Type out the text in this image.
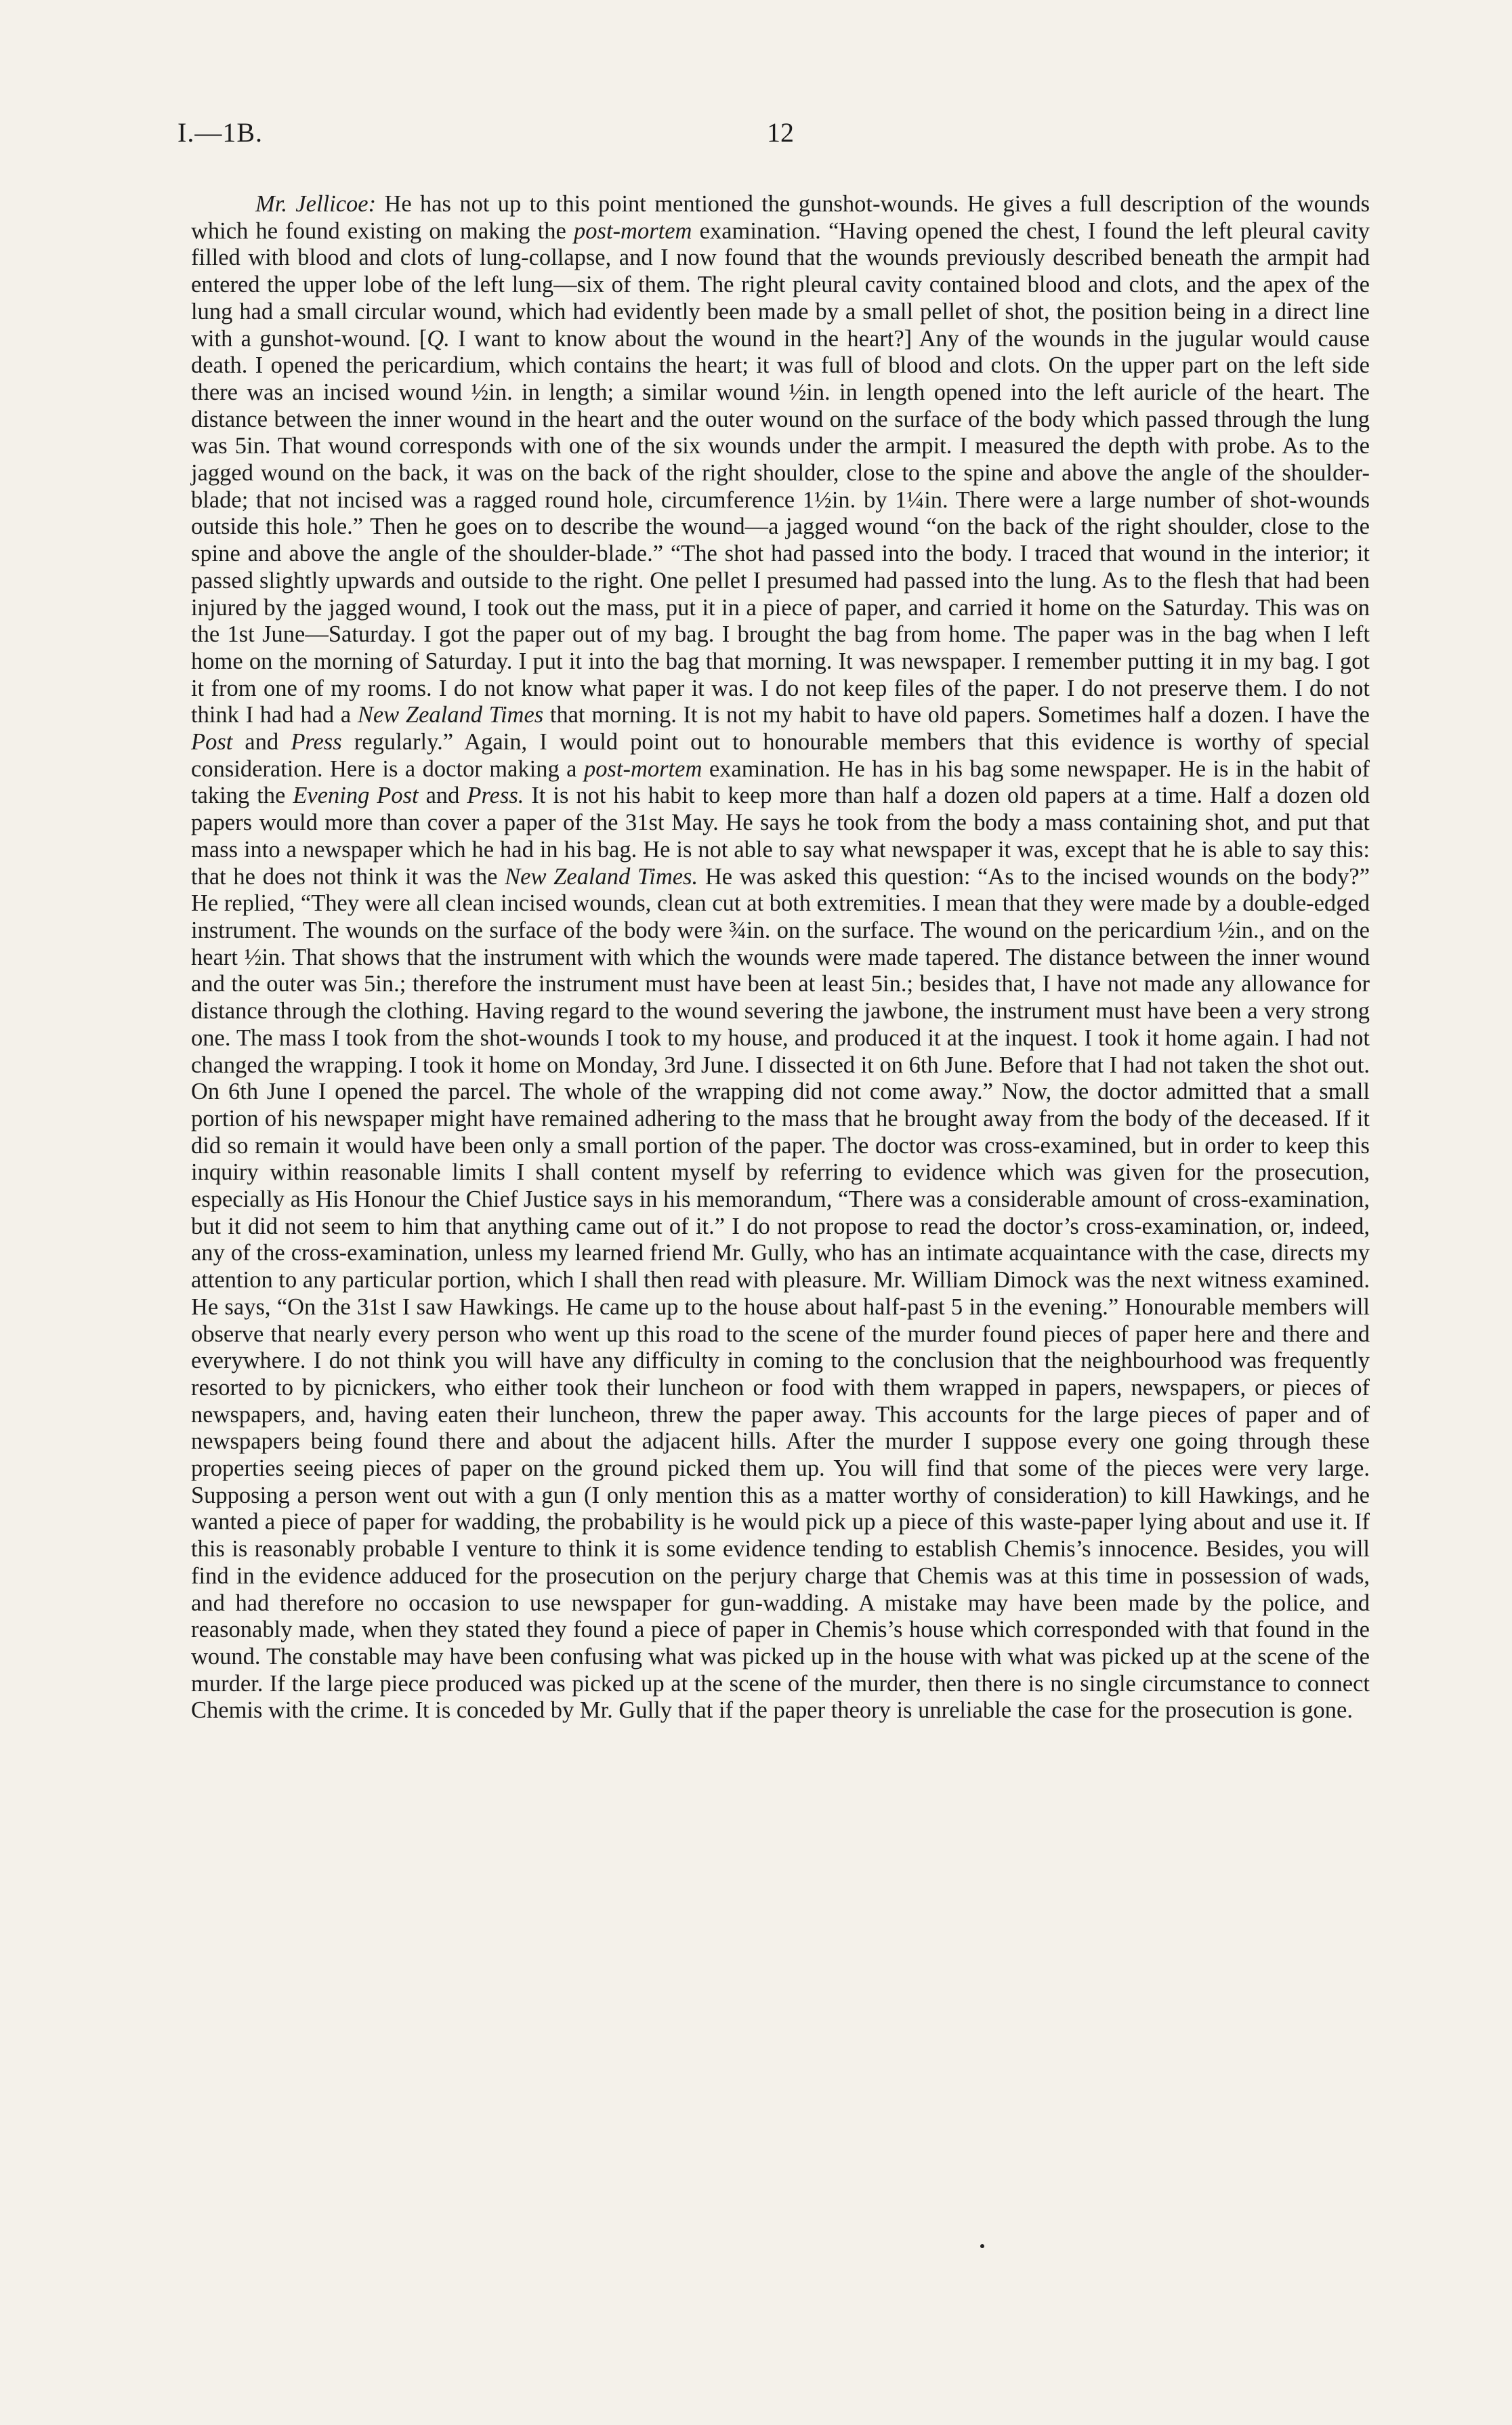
I.—1B.	12

Mr. Jellicoe: He has not up to this point mentioned the gunshot-wounds. He gives a full description of the wounds which he found existing on making the post-mortem examination. “Having opened the chest, I found the left pleural cavity filled with blood and clots of lung-collapse, and I now found that the wounds previously described beneath the armpit had entered the upper lobe of the left lung—six of them. The right pleural cavity contained blood and clots, and the apex of the lung had a small circular wound, which had evidently been made by a small pellet of shot, the position being in a direct line with a gunshot-wound. [Q. I want to know about the wound in the heart?] Any of the wounds in the jugular would cause death. I opened the pericardium, which contains the heart; it was full of blood and clots. On the upper part on the left side there was an incised wound ½in. in length; a similar wound ½in. in length opened into the left auricle of the heart. The distance between the inner wound in the heart and the outer wound on the surface of the body which passed through the lung was 5in. That wound corresponds with one of the six wounds under the armpit. I measured the depth with probe. As to the jagged wound on the back, it was on the back of the right shoulder, close to the spine and above the angle of the shoulder-blade; that not incised was a ragged round hole, circumference 1½in. by 1¼in. There were a large number of shot-wounds outside this hole.” Then he goes on to describe the wound—a jagged wound “on the back of the right shoulder, close to the spine and above the angle of the shoulder-blade.” “The shot had passed into the body. I traced that wound in the interior; it passed slightly upwards and outside to the right. One pellet I presumed had passed into the lung. As to the flesh that had been injured by the jagged wound, I took out the mass, put it in a piece of paper, and carried it home on the Saturday. This was on the 1st June—Saturday. I got the paper out of my bag. I brought the bag from home. The paper was in the bag when I left home on the morning of Saturday. I put it into the bag that morning. It was newspaper. I remember putting it in my bag. I got it from one of my rooms. I do not know what paper it was. I do not keep files of the paper. I do not preserve them. I do not think I had had a New Zealand Times that morning. It is not my habit to have old papers. Sometimes half a dozen. I have the Post and Press regularly.” Again, I would point out to honourable members that this evidence is worthy of special consideration. Here is a doctor making a post-mortem examination. He has in his bag some newspaper. He is in the habit of taking the Evening Post and Press. It is not his habit to keep more than half a dozen old papers at a time. Half a dozen old papers would more than cover a paper of the 31st May. He says he took from the body a mass containing shot, and put that mass into a newspaper which he had in his bag. He is not able to say what newspaper it was, except that he is able to say this: that he does not think it was the New Zealand Times. He was asked this question: “As to the incised wounds on the body?” He replied, “They were all clean incised wounds, clean cut at both extremities. I mean that they were made by a double-edged instrument. The wounds on the surface of the body were ¾in. on the surface. The wound on the pericardium ½in., and on the heart ½in. That shows that the instrument with which the wounds were made tapered. The distance between the inner wound and the outer was 5in.; therefore the instrument must have been at least 5in.; besides that, I have not made any allowance for distance through the clothing. Having regard to the wound severing the jawbone, the instrument must have been a very strong one. The mass I took from the shot-wounds I took to my house, and produced it at the inquest. I took it home again. I had not changed the wrapping. I took it home on Monday, 3rd June. I dissected it on 6th June. Before that I had not taken the shot out. On 6th June I opened the parcel. The whole of the wrapping did not come away.” Now, the doctor admitted that a small portion of his newspaper might have remained adhering to the mass that he brought away from the body of the deceased. If it did so remain it would have been only a small portion of the paper. The doctor was cross-examined, but in order to keep this inquiry within reasonable limits I shall content myself by referring to evidence which was given for the prosecution, especially as His Honour the Chief Justice says in his memorandum, “There was a considerable amount of cross-examination, but it did not seem to him that anything came out of it.” I do not propose to read the doctor’s cross-examination, or, indeed, any of the cross-examination, unless my learned friend Mr. Gully, who has an intimate acquaintance with the case, directs my attention to any particular portion, which I shall then read with pleasure. Mr. William Dimock was the next witness examined. He says, “On the 31st I saw Hawkings. He came up to the house about half-past 5 in the evening.” Honourable members will observe that nearly every person who went up this road to the scene of the murder found pieces of paper here and there and everywhere. I do not think you will have any difficulty in coming to the conclusion that the neighbourhood was frequently resorted to by picnickers, who either took their luncheon or food with them wrapped in papers, newspapers, or pieces of newspapers, and, having eaten their luncheon, threw the paper away. This accounts for the large pieces of paper and of newspapers being found there and about the adjacent hills. After the murder I suppose every one going through these properties seeing pieces of paper on the ground picked them up. You will find that some of the pieces were very large. Supposing a person went out with a gun (I only mention this as a matter worthy of consideration) to kill Hawkings, and he wanted a piece of paper for wadding, the probability is he would pick up a piece of this waste-paper lying about and use it. If this is reasonably probable I venture to think it is some evidence tending to establish Chemis’s innocence. Besides, you will find in the evidence adduced for the prosecution on the perjury charge that Chemis was at this time in possession of wads, and had therefore no occasion to use newspaper for gun-wadding. A mistake may have been made by the police, and reasonably made, when they stated they found a piece of paper in Chemis’s house which corresponded with that found in the wound. The constable may have been confusing what was picked up in the house with what was picked up at the scene of the murder. If the large piece produced was picked up at the scene of the murder, then there is no single circumstance to connect Chemis with the crime. It is conceded by Mr. Gully that if the paper theory is unreliable the case for the prosecution is gone.
